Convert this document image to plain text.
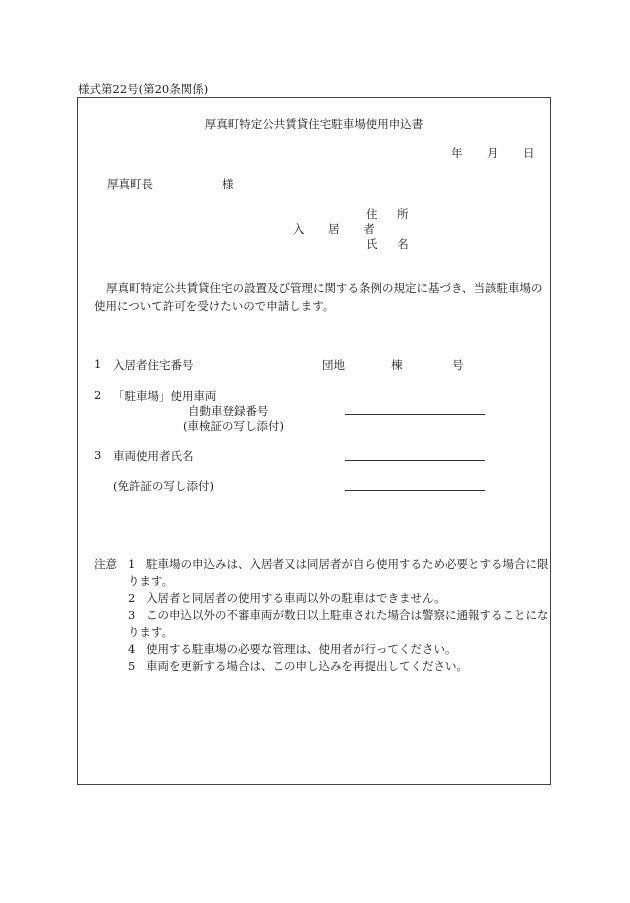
様式第22号(第20条関係)
厚真町特定公共賃貸住宅駐車場使用申込書
年 月 日
厚真町長	様
住 所
入 居 者
氏 名
厚真町特定公共賃貸住宅の設置及び管理に関する条例の規定に基づき、当該駐車場の使用について許可を受けたいので申請します。
1 入居者住宅番号	団地	棟	号
2 「駐車場」使用車両
自動車登録番号
(車検証の写し添付)
3 車両使用者氏名
(免許証の写し添付)
注意 1 駐車場の申込みは、入居者又は同居者が自ら使用するため必要とする場合に限ります。
2 入居者と同居者の使用する車両以外の駐車はできません。
3 この申込以外の不審車両が数日以上駐車された場合は警察に通報することになります。
4 使用する駐車場の必要な管理は、使用者が行ってください。
5 車両を更新する場合は、この申し込みを再提出してください。
